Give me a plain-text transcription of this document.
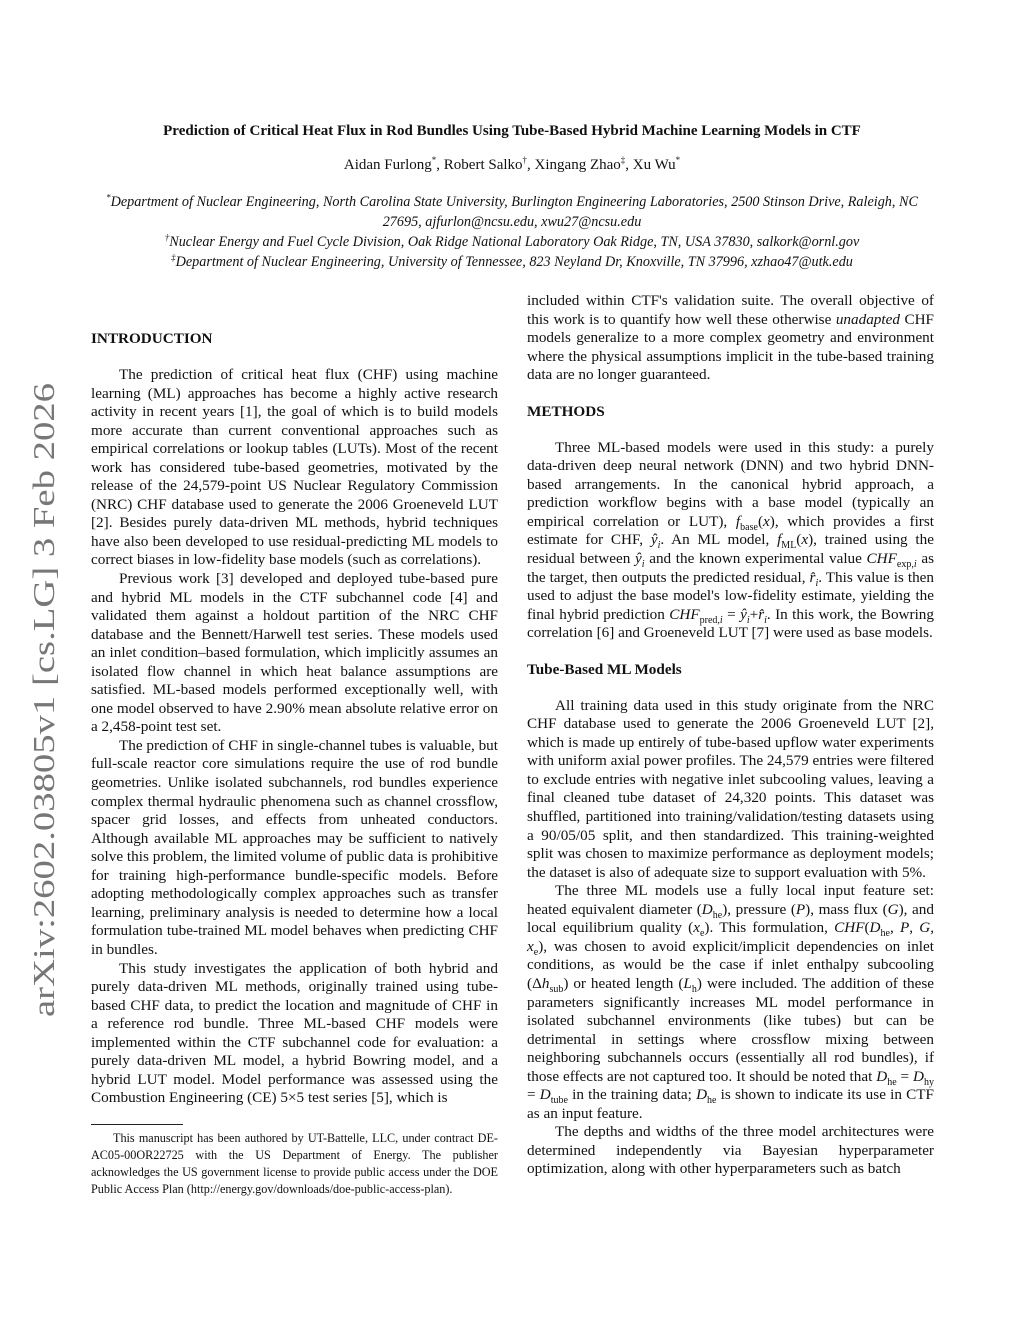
arXiv:2602.03805v1 [cs.LG] 3 Feb 2026
Prediction of Critical Heat Flux in Rod Bundles Using Tube-Based Hybrid Machine Learning Models in CTF
Aidan Furlong*, Robert Salko†, Xingang Zhao‡, Xu Wu*

*Department of Nuclear Engineering, North Carolina State University, Burlington Engineering Laboratories, 2500 Stinson Drive, Raleigh, NC 27695, ajfurlon@ncsu.edu, xwu27@ncsu.edu

†Nuclear Energy and Fuel Cycle Division, Oak Ridge National Laboratory Oak Ridge, TN, USA 37830, salkork@ornl.gov

‡Department of Nuclear Engineering, University of Tennessee, 823 Neyland Dr, Knoxville, TN 37996, xzhao47@utk.edu

INTRODUCTION

The prediction of critical heat flux (CHF) using machine learning (ML) approaches has become a highly active research activity in recent years [1], the goal of which is to build models more accurate than current conventional approaches such as empirical correlations or lookup tables (LUTs). Most of the recent work has considered tube-based geometries, motivated by the release of the 24,579-point US Nuclear Regulatory Commission (NRC) CHF database used to generate the 2006 Groeneveld LUT [2]. Besides purely data-driven ML methods, hybrid techniques have also been developed to use residual-predicting ML models to correct biases in low-fidelity base models (such as correlations).

Previous work [3] developed and deployed tube-based pure and hybrid ML models in the CTF subchannel code [4] and validated them against a holdout partition of the NRC CHF database and the Bennett/Harwell test series. These models used an inlet condition–based formulation, which implicitly assumes an isolated flow channel in which heat balance assumptions are satisfied. ML-based models performed exceptionally well, with one model observed to have 2.90% mean absolute relative error on a 2,458-point test set.

The prediction of CHF in single-channel tubes is valuable, but full-scale reactor core simulations require the use of rod bundle geometries. Unlike isolated subchannels, rod bundles experience complex thermal hydraulic phenomena such as channel crossflow, spacer grid losses, and effects from unheated conductors. Although available ML approaches may be sufficient to natively solve this problem, the limited volume of public data is prohibitive for training high-performance bundle-specific models. Before adopting methodologically complex approaches such as transfer learning, preliminary analysis is needed to determine how a local formulation tube-trained ML model behaves when predicting CHF in bundles.

This study investigates the application of both hybrid and purely data-driven ML methods, originally trained using tube-based CHF data, to predict the location and magnitude of CHF in a reference rod bundle. Three ML-based CHF models were implemented within the CTF subchannel code for evaluation: a purely data-driven ML model, a hybrid Bowring model, and a hybrid LUT model. Model performance was assessed using the Combustion Engineering (CE) 5×5 test series [5], which is

This manuscript has been authored by UT-Battelle, LLC, under contract DE-AC05-00OR22725 with the US Department of Energy. The publisher acknowledges the US government license to provide public access under the DOE Public Access Plan (http://energy.gov/downloads/doe-public-access-plan).

included within CTF's validation suite. The overall objective of this work is to quantify how well these otherwise unadapted CHF models generalize to a more complex geometry and environment where the physical assumptions implicit in the tube-based training data are no longer guaranteed.

METHODS

Three ML-based models were used in this study: a purely data-driven deep neural network (DNN) and two hybrid DNN-based arrangements. In the canonical hybrid approach, a prediction workflow begins with a base model (typically an empirical correlation or LUT), $f_{base}(x)$, which provides a first estimate for CHF, $ŷ_i$. An ML model, $f_{ML}(x)$, trained using the residual between $ŷ_i$ and the known experimental value $CHF_{exp,i}$ as the target, then outputs the predicted residual, $r̂_i$. This value is then used to adjust the base model's low-fidelity estimate, yielding the final hybrid prediction $CHF_{pred,i}$ = $ŷ_i+r̂_i$. In this work, the Bowring correlation [6] and Groeneveld LUT [7] were used as base models.

Tube-Based ML Models

All training data used in this study originate from the NRC CHF database used to generate the 2006 Groeneveld LUT [2], which is made up entirely of tube-based upflow water experiments with uniform axial power profiles. The 24,579 entries were filtered to exclude entries with negative inlet subcooling values, leaving a final cleaned tube dataset of 24,320 points. This dataset was shuffled, partitioned into training/validation/testing datasets using a 90/05/05 split, and then standardized. This training-weighted split was chosen to maximize performance as deployment models; the dataset is also of adequate size to support evaluation with 5%.

The three ML models use a fully local input feature set: heated equivalent diameter $(D_{he})$, pressure (P), mass flux (G), and local equilibrium quality $(x_e)$. This formulation, $CHF(D_{he}$, P, G, $x_e$), was chosen to avoid explicit/implicit dependencies on inlet conditions, as would be the case if inlet enthalpy subcooling $(\Delta h_{sub})$ or heated length $(L_h)$ were included. The addition of these parameters significantly increases ML model performance in isolated subchannel environments (like tubes) but can be detrimental in settings where crossflow mixing between neighboring subchannels occurs (essentially all rod bundles), if those effects are not captured too. It should be noted that $D_{he} = D_{hy} = D_{tube}$ in the training data; $D_{he}$ is shown to indicate its use in CTF as an input feature.

The depths and widths of the three model architectures were determined independently via Bayesian hyperparameter optimization, along with other hyperparameters such as batch
